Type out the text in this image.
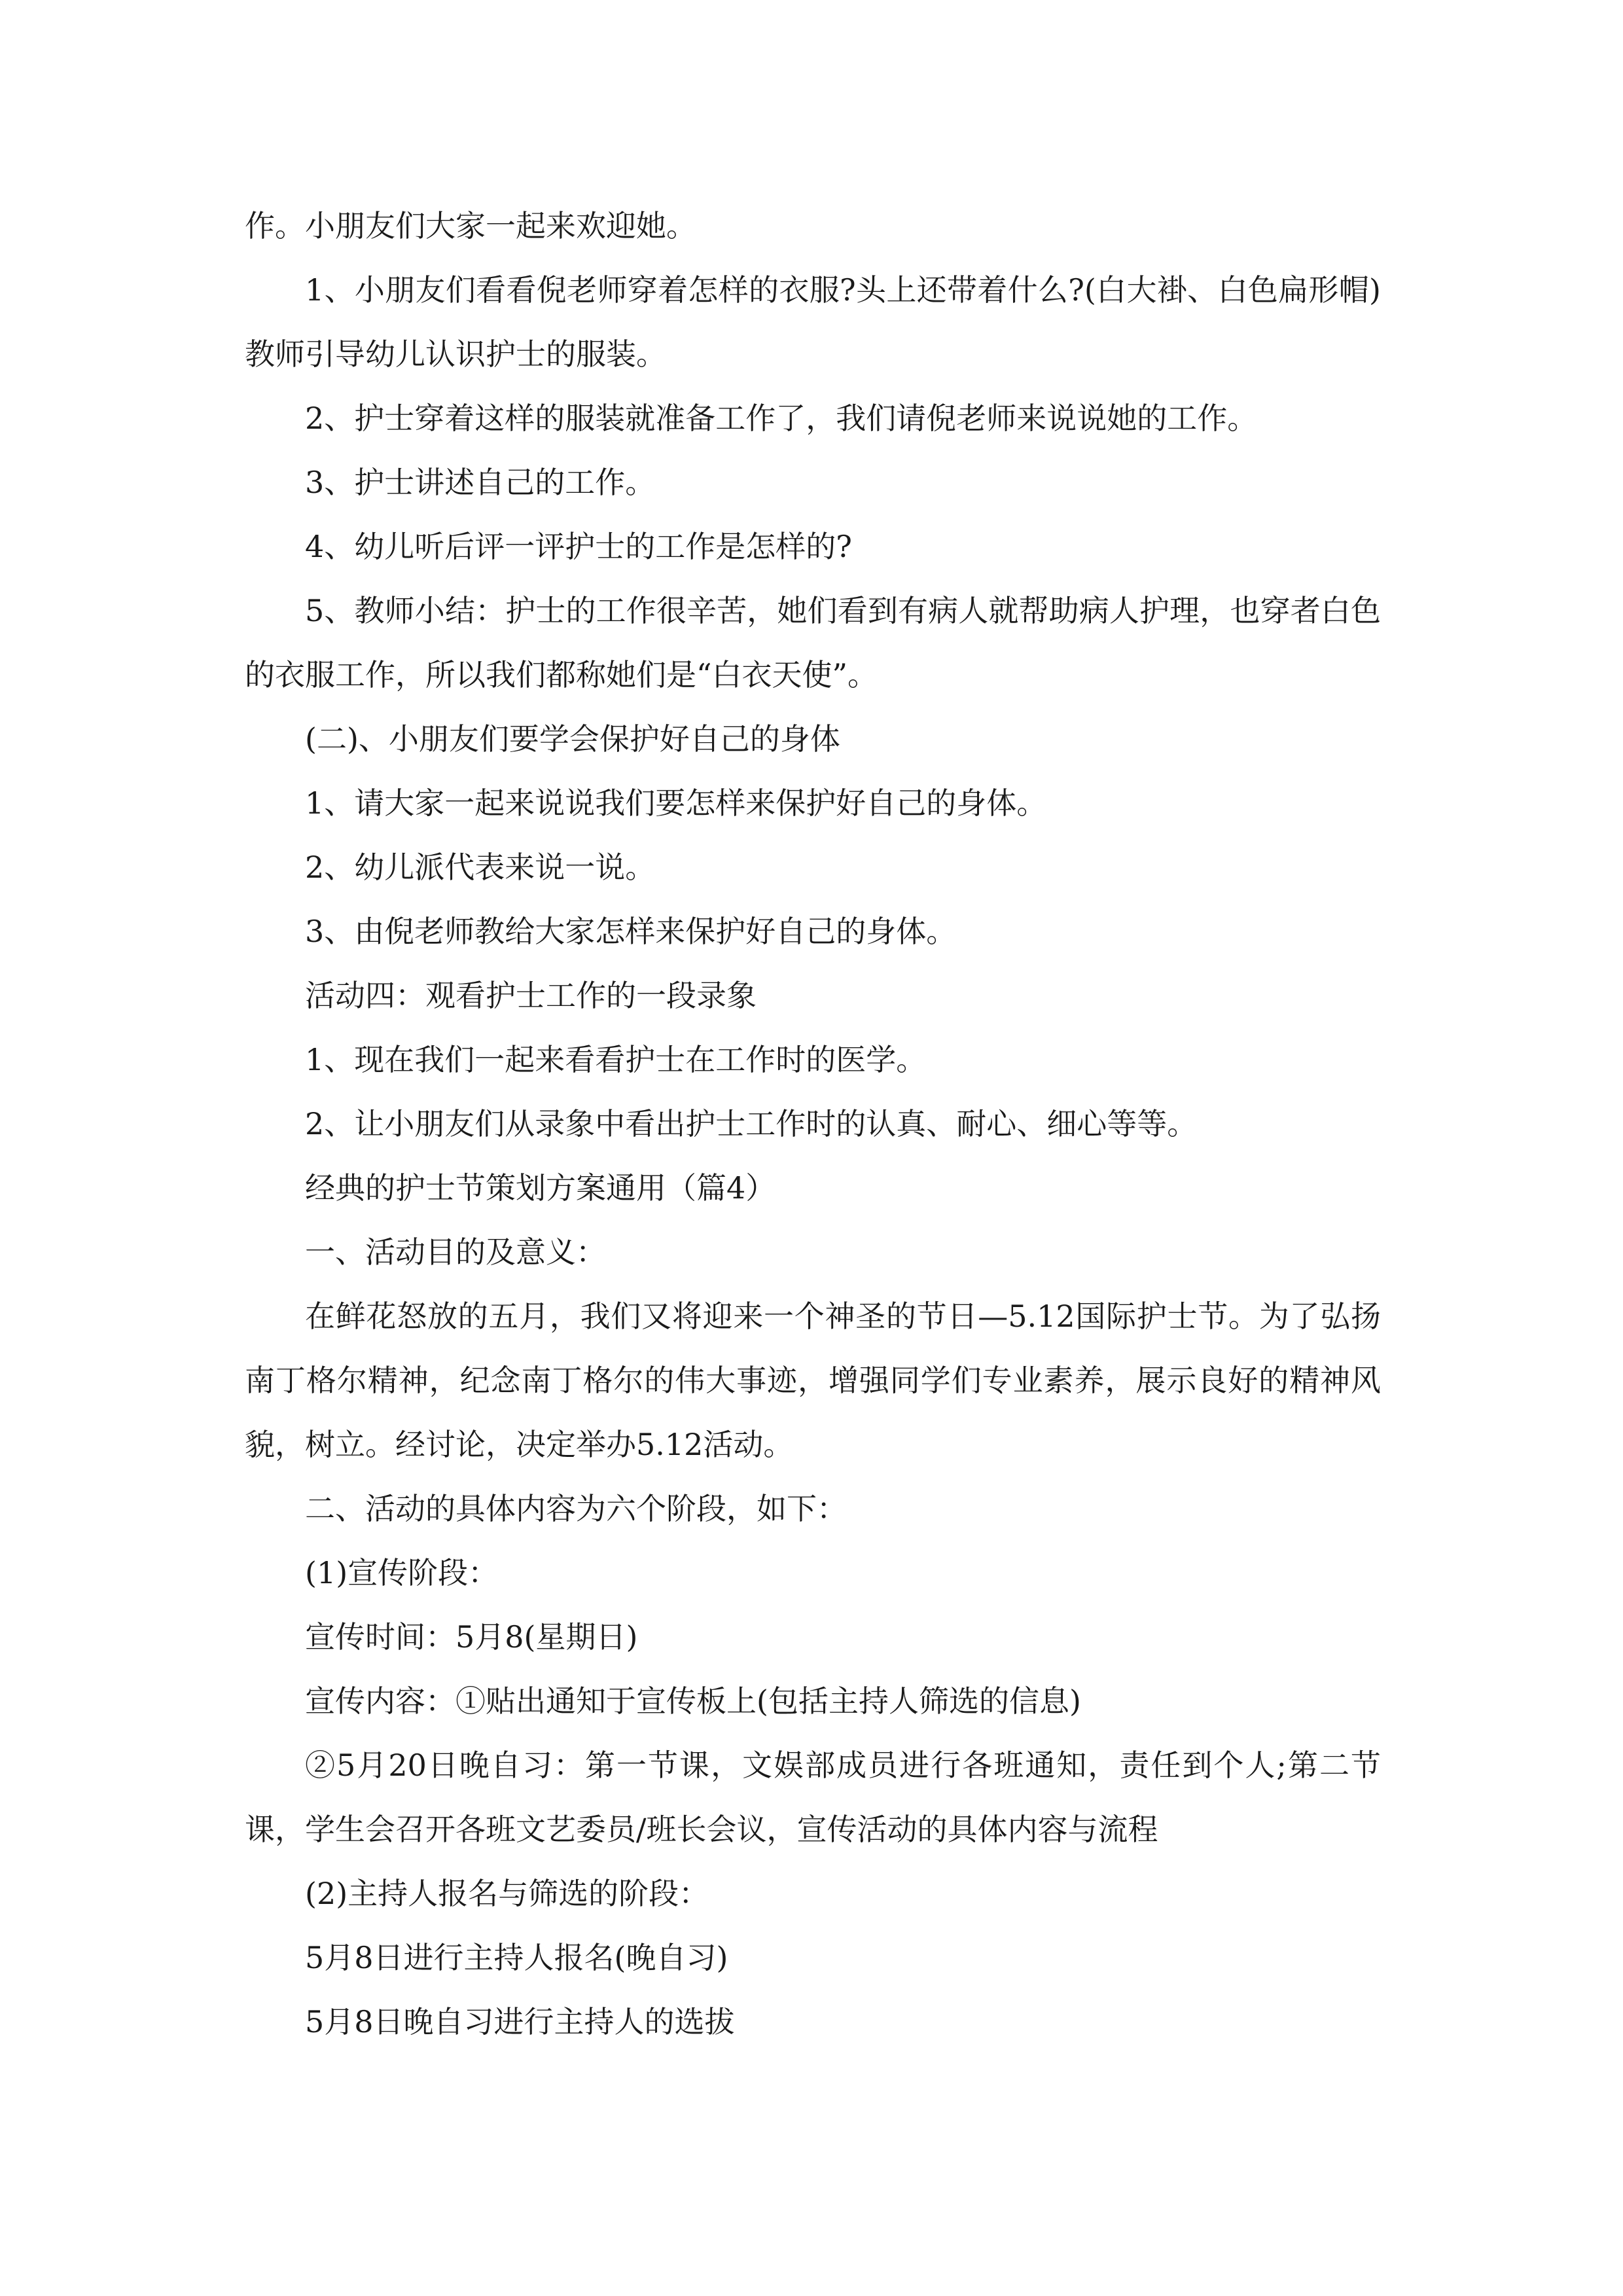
作。小朋友们大家一起来欢迎她。

1、小朋友们看看倪老师穿着怎样的衣服?头上还带着什么?(白大褂、白色扁形帽)教师引导幼儿认识护士的服装。

2、护士穿着这样的服装就准备工作了，我们请倪老师来说说她的工作。

3、护士讲述自己的工作。

4、幼儿听后评一评护士的工作是怎样的?

5、教师小结：护士的工作很辛苦，她们看到有病人就帮助病人护理，也穿者白色的衣服工作，所以我们都称她们是“白衣天使”。

(二)、小朋友们要学会保护好自己的身体

1、请大家一起来说说我们要怎样来保护好自己的身体。

2、幼儿派代表来说一说。

3、由倪老师教给大家怎样来保护好自己的身体。

活动四：观看护士工作的一段录象

1、现在我们一起来看看护士在工作时的医学。

2、让小朋友们从录象中看出护士工作时的认真、耐心、细心等等。

经典的护士节策划方案通用（篇4）

一、活动目的及意义：

在鲜花怒放的五月，我们又将迎来一个神圣的节日—5.12国际护士节。为了弘扬南丁格尔精神，纪念南丁格尔的伟大事迹，增强同学们专业素养，展示良好的精神风貌，树立。经讨论，决定举办5.12活动。

二、活动的具体内容为六个阶段，如下：

(1)宣传阶段：

宣传时间：5月8(星期日)

宣传内容：①贴出通知于宣传板上(包括主持人筛选的信息)

②5月20日晚自习：第一节课，文娱部成员进行各班通知，责任到个人;第二节课，学生会召开各班文艺委员/班长会议，宣传活动的具体内容与流程

(2)主持人报名与筛选的阶段：

5月8日进行主持人报名(晚自习)

5月8日晚自习进行主持人的选拔
